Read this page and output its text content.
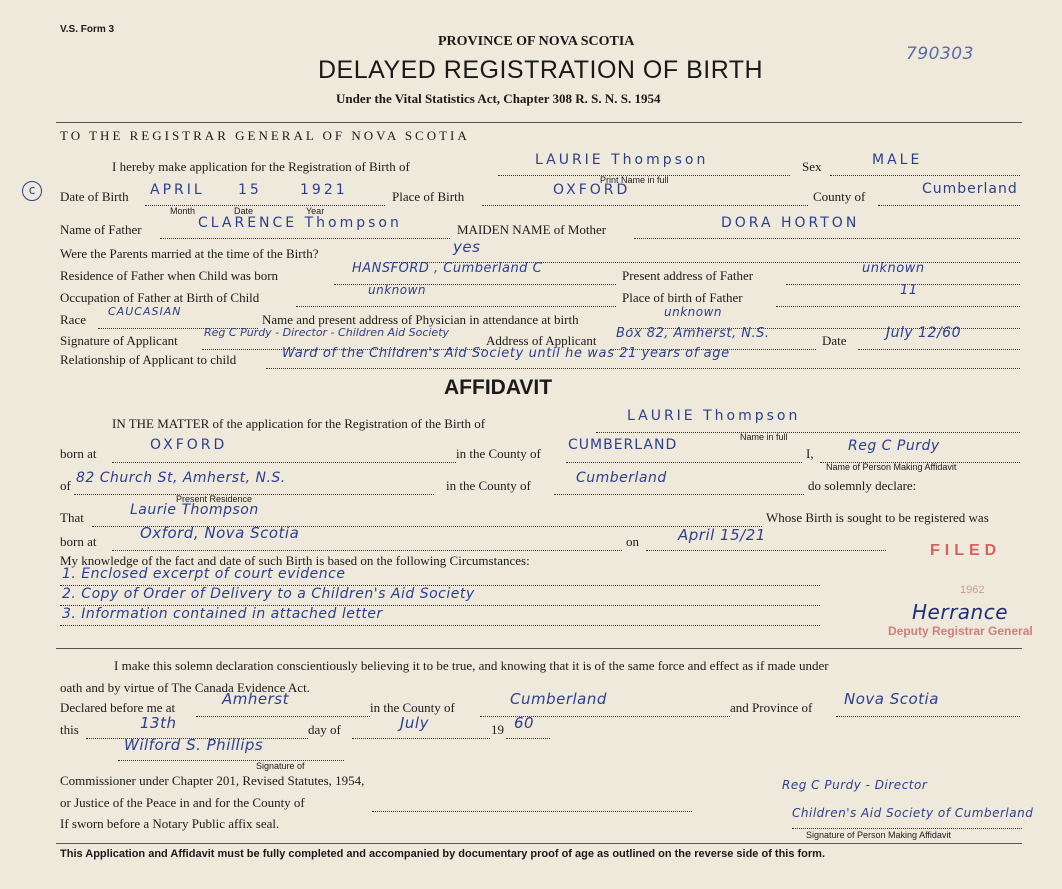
V.S. Form 3
PROVINCE OF NOVA SCOTIA
DELAYED REGISTRATION OF BIRTH
Under the Vital Statistics Act, Chapter 308 R. S. N. S. 1954
790303
TO THE REGISTRAR GENERAL OF NOVA SCOTIA
I hereby make application for the Registration of Birth of	LAURIE Thompson
Print Name in full
Sex	MALE
c	Date of Birth APRIL 15	1921
Month	Date	Year
Place of Birth	OXFORD	County of	Cumberland
Name of Father	CLARENCE Thompson	MAIDEN NAME of Mother	DORA HORTON
Were the Parents married at the time of the Birth?	yes
Residence of Father when Child was born	HANSFORD , Cumberland C	Present address of Father	unknown
Occupation of Father at Birth of Child	unknown	Place of birth of Father	11
Race
CAUCASIAN
Name and present address of Physician in attendance at birth	unknown
Signature of Applicant
Reg C Purdy - Director - Children Aid Society
Address of Applicant Box 82, Amherst, N.S.	Date	July 12/60
Relationship of Applicant to child	Ward of the Children's Aid Society until he was 21 years of age
AFFIDAVIT
IN THE MATTER of the application for the Registration of the Birth of	LAURIE Thompson
Name in full
born at
OXFORD
in the County of
CUMBERLAND
I, Reg C Purdy
Name of Person Making Affidavit
of 82 Church St, Amherst, N.S.
Present Residence
in the County of	Cumberland	do solemnly declare:
That	Laurie Thompson	Whose Birth is sought to be registered was
born at	Oxford, Nova Scotia	on	April 15/21
My knowledge of the fact and date of such Birth is based on the following Circumstances:
1. Enclosed excerpt of court evidence
2. Copy of Order of Delivery to a Children's Aid Society
3. Information contained in attached letter
FILED
1962
Deputy Registrar General
Herrance
I make this solemn declaration conscientiously believing it to be true, and knowing that it is of the same force and effect as if made under
oath and by virtue of The Canada Evidence Act.
Declared before me at	Amherst	in the County of	Cumberland	and Province of Nova Scotia
this	13th	day of	July	19 60
Wilford S. Phillips
Signature of
Commissioner under Chapter 201, Revised Statutes, 1954,
or Justice of the Peace in and for the County of
If sworn before a Notary Public affix seal.
Reg C Purdy - Director
Children's Aid Society of Cumberland
Signature of Person Making Affidavit
This Application and Affidavit must be fully completed and accompanied by documentary proof of age as outlined on the reverse side of this form.
